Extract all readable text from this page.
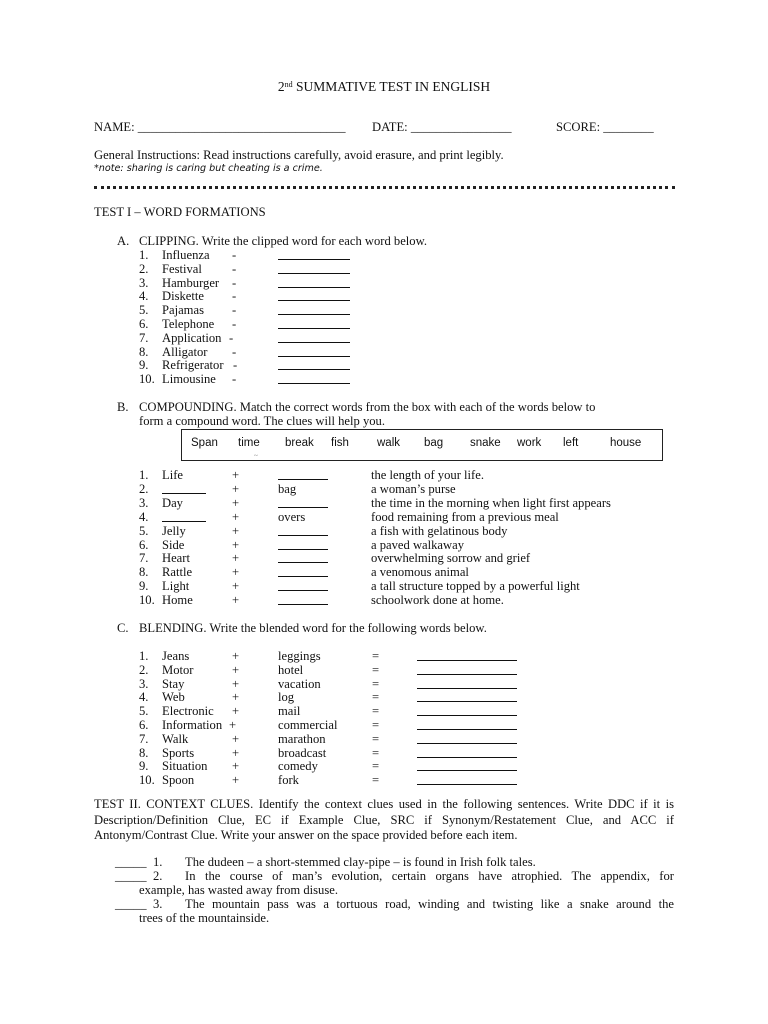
2nd SUMMATIVE TEST IN ENGLISH
NAME: _________________________________ DATE: ________________	SCORE: ________
General Instructions: Read instructions carefully, avoid erasure, and print legibly.
*note: sharing is caring but cheating is a crime.
TEST I – WORD FORMATIONS
A. CLIPPING. Write the clipped word for each word below.
1. Influenza -
2. Festival -
3. Hamburger -
4. Diskette -
5. Pajamas -
6. Telephone -
7. Application -
8. Alligator -
9. Refrigerator -
10. Limousine -
B. COMPOUNDING. Match the correct words from the box with each of the words below to
form a compound word. The clues will help you.
Span time break fish walk bag snake work left	house
~
1. Life	+	the length of your life.
2.	+	bag	a woman’s purse
3. Day	+	the time in the morning when light first appears
4.	+	overs	food remaining from a previous meal
5. Jelly	+	a fish with gelatinous body
6. Side	+	a paved walkaway
7. Heart	+	overwhelming sorrow and grief
8. Rattle	+	a venomous animal
9. Light	+	a tall structure topped by a powerful light
10. Home	+	schoolwork done at home.
C. BLENDING. Write the blended word for the following words below.
1. Jeans	+	leggings	=
2. Motor	+	hotel	=
3. Stay	+	vacation	=
4. Web	+	log	=
5. Electronic +	mail	=
6. Information +	commercial	=
7. Walk	+	marathon	=
8. Sports	+	broadcast	=
9. Situation +	comedy	=
10. Spoon	+	fork	=
TEST II. CONTEXT CLUES. Identify the context clues used in the following sentences. Write DDC if it is Description/Definition Clue, EC if Example Clue, SRC if Synonym/Restatement Clue, and ACC if Antonym/Contrast Clue. Write your answer on the space provided before each item.
_____ 1. The dudeen – a short-stemmed clay-pipe – is found in Irish folk tales.
_____ 2. In the course of man’s evolution, certain organs have atrophied. The appendix, for
example, has wasted away from disuse.
_____ 3. The mountain pass was a tortuous road, winding and twisting like a snake around the
trees of the mountainside.
